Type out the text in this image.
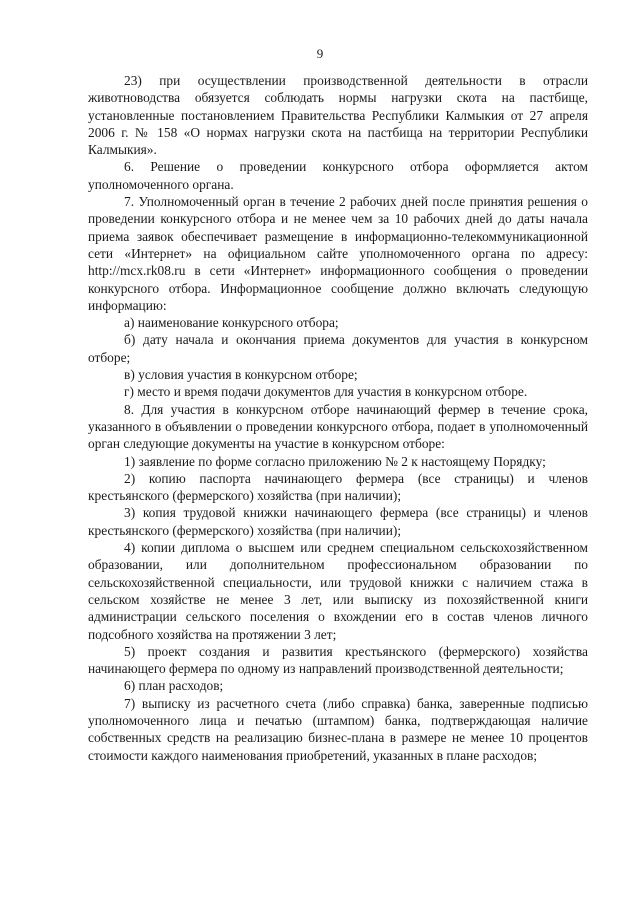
9

23) при осуществлении производственной деятельности в отрасли животноводства обязуется соблюдать нормы нагрузки скота на пастбище, установленные постановлением Правительства Республики Калмыкия от 27 апреля 2006 г. № 158 «О нормах нагрузки скота на пастбища на территории Республики Калмыкия».

6. Решение о проведении конкурсного отбора оформляется актом уполномоченного органа.

7. Уполномоченный орган в течение 2 рабочих дней после принятия решения о проведении конкурсного отбора и не менее чем за 10 рабочих дней до даты начала приема заявок обеспечивает размещение в информационно-телекоммуникационной сети «Интернет» на официальном сайте уполномоченного органа по адресу: http://mcx.rk08.ru в сети «Интернет» информационного сообщения о проведении конкурсного отбора. Информационное сообщение должно включать следующую информацию:

а) наименование конкурсного отбора;

б) дату начала и окончания приема документов для участия в конкурсном отборе;

в) условия участия в конкурсном отборе;

г) место и время подачи документов для участия в конкурсном отборе.

8. Для участия в конкурсном отборе начинающий фермер в течение срока, указанного в объявлении о проведении конкурсного отбора, подает в уполномоченный орган следующие документы на участие в конкурсном отборе:

1) заявление по форме согласно приложению № 2 к настоящему Порядку;

2) копию паспорта начинающего фермера (все страницы) и членов крестьянского (фермерского) хозяйства (при наличии);

3) копия трудовой книжки начинающего фермера (все страницы) и членов крестьянского (фермерского) хозяйства (при наличии);

4) копии диплома о высшем или среднем специальном сельскохозяйственном образовании, или дополнительном профессиональном образовании по сельскохозяйственной специальности, или трудовой книжки с наличием стажа в сельском хозяйстве не менее 3 лет, или выписку из похозяйственной книги администрации сельского поселения о вхождении его в состав членов личного подсобного хозяйства на протяжении 3 лет;

5) проект создания и развития крестьянского (фермерского) хозяйства начинающего фермера по одному из направлений производственной деятельности;

6) план расходов;

7) выписку из расчетного счета (либо справка) банка, заверенные подписью уполномоченного лица и печатью (штампом) банка, подтверждающая наличие собственных средств на реализацию бизнес-плана в размере не менее 10 процентов стоимости каждого наименования приобретений, указанных в плане расходов;
